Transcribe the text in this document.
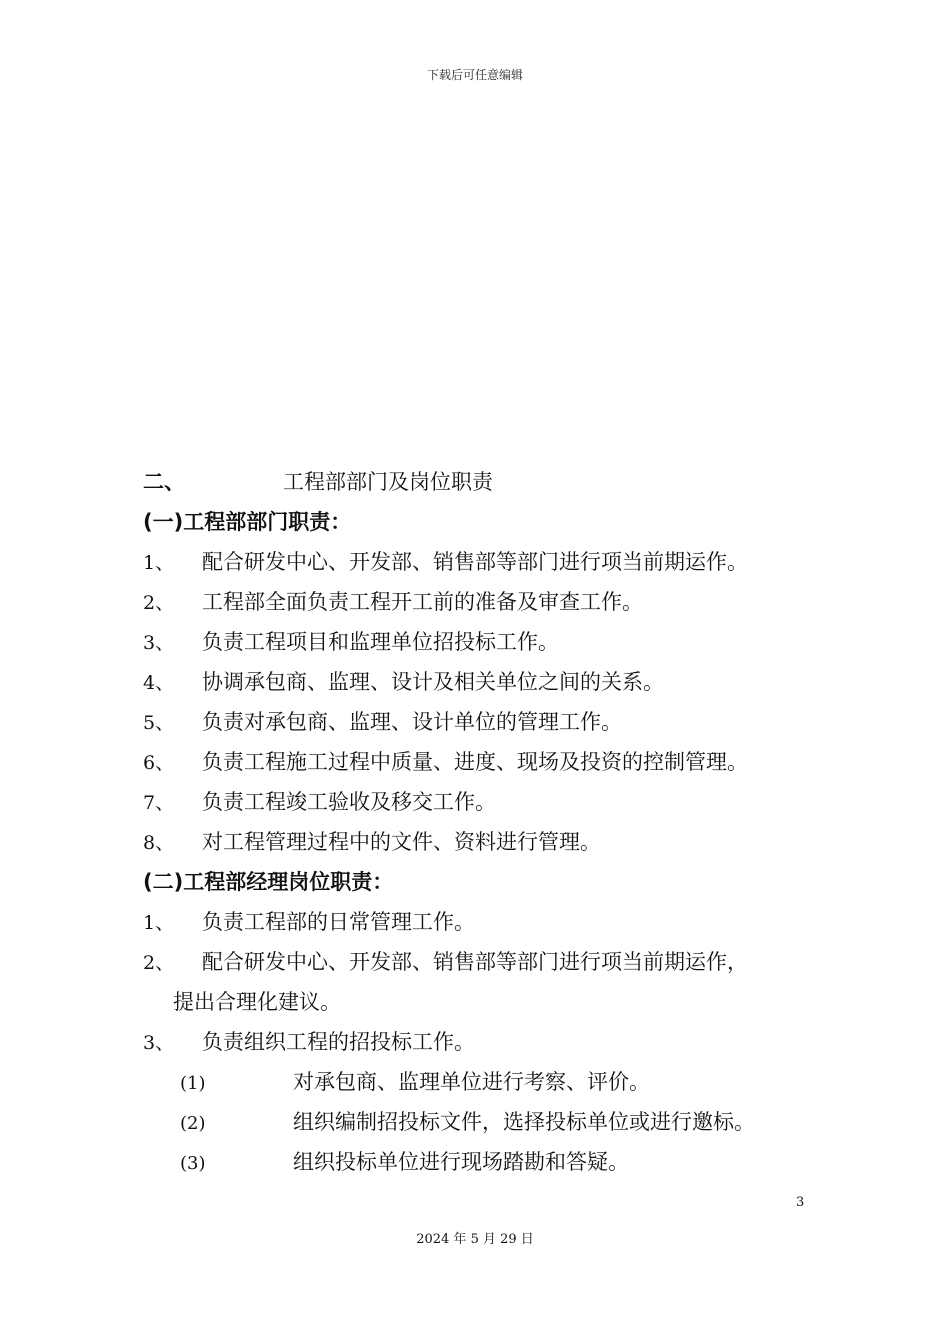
下载后可任意编辑
二、	工程部部门及岗位职责
(一)工程部部门职责：
1、 配合研发中心、开发部、销售部等部门进行项当前期运作。
2、 工程部全面负责工程开工前的准备及审查工作。
3、 负责工程项目和监理单位招投标工作。
4、 协调承包商、监理、设计及相关单位之间的关系。
5、 负责对承包商、监理、设计单位的管理工作。
6、 负责工程施工过程中质量、进度、现场及投资的控制管理。
7、 负责工程竣工验收及移交工作。
8、 对工程管理过程中的文件、资料进行管理。
(二)工程部经理岗位职责：
1、 负责工程部的日常管理工作。
2、 配合研发中心、开发部、销售部等部门进行项当前期运作，
提出合理化建议。
3、 负责组织工程的招投标工作。
(1)	对承包商、监理单位进行考察、评价。
(2)	组织编制招投标文件，选择投标单位或进行邀标。
(3)	组织投标单位进行现场踏勘和答疑。
3
2024 年 5 月 29 日
